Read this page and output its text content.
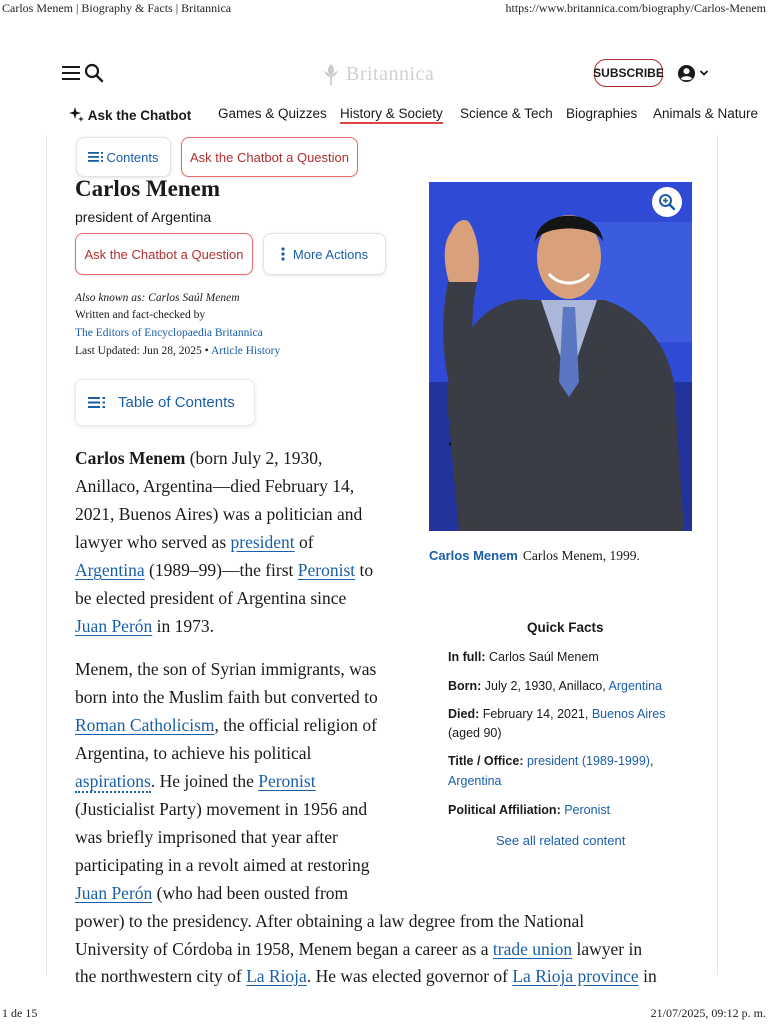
Carlos Menem | Biography & Facts | Britannica	https://www.britannica.com/biography/Carlos-Menem
Britannica	SUBSCRIBE
Ask the Chatbot Games & Quizzes History & Society Science & Tech Biographies Animals & Nature
Contents	Ask the Chatbot a Question
Carlos Menem
president of Argentina
Ask the Chatbot a Question	More Actions
Also known as: Carlos Saúl Menem
Written and fact-checked by
The Editors of Encyclopaedia Britannica
Last Updated: Jun 28, 2025 • Article History
Table of Contents
Carlos Menem (born July 2, 1930,
Anillaco, Argentina—died February 14,
2021, Buenos Aires) was a politician and
lawyer who served as president of
Argentina (1989–99)—the first Peronist to
be elected president of Argentina since
Juan Perón in 1973.
Menem, the son of Syrian immigrants, was
born into the Muslim faith but converted to
Roman Catholicism, the official religion of
Argentina, to achieve his political
aspirations. He joined the Peronist
(Justicialist Party) movement in 1956 and
was briefly imprisoned that year after
participating in a revolt aimed at restoring
Juan Perón (who had been ousted from
power) to the presidency. After obtaining a law degree from the National
University of Córdoba in 1958, Menem began a career as a trade union lawyer in
the northwestern city of La Rioja. He was elected governor of La Rioja province in
Carlos Menem Carlos Menem, 1999.
Quick Facts
In full: Carlos Saúl Menem
Born: July 2, 1930, Anillaco, Argentina
Died: February 14, 2021, Buenos Aires
(aged 90)
Title / Office: president (1989-1999),
Argentina
Political Affiliation: Peronist
See all related content
1 de 15	21/07/2025, 09:12 p. m.
